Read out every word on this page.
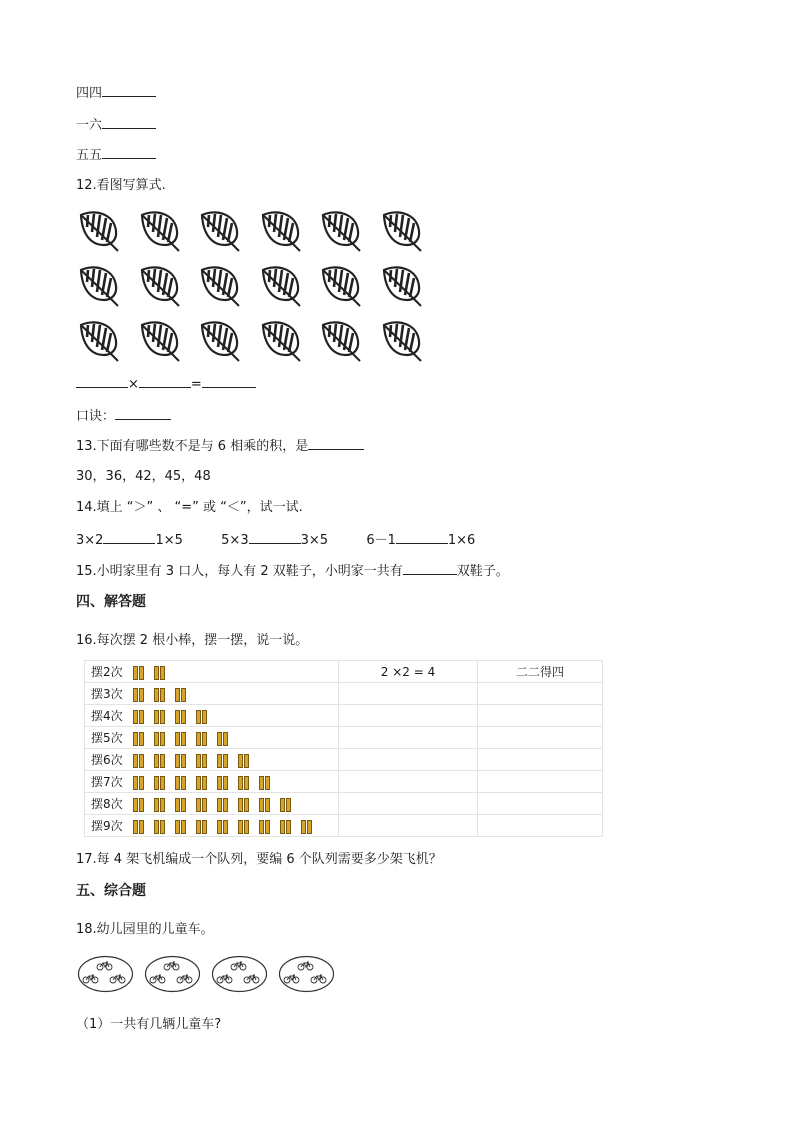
四四
一六
五五
12.看图写算式.
×	=
口诀：
13.下面有哪些数不是与 6 相乘的积，是
30，36，42，45，48
14.填上 “＞” 、 “=” 或 “＜”，试一试.
3×2	1×5	5×3	3×5	6－1	1×6
15.小明家里有 3 口人，每人有 2 双鞋子，小明家一共有	双鞋子。
四、解答题
16.每次摆 2 根小棒，摆一摆，说一说。
摆2次	2 ×2 = 4	二二得四
摆3次		
摆4次		
摆5次		
摆6次		
摆7次		
摆8次		
摆9次		
17.每 4 架飞机编成一个队列，要编 6 个队列需要多少架飞机？
五、综合题
18.幼儿园里的儿童车。
（1）一共有几辆儿童车?
